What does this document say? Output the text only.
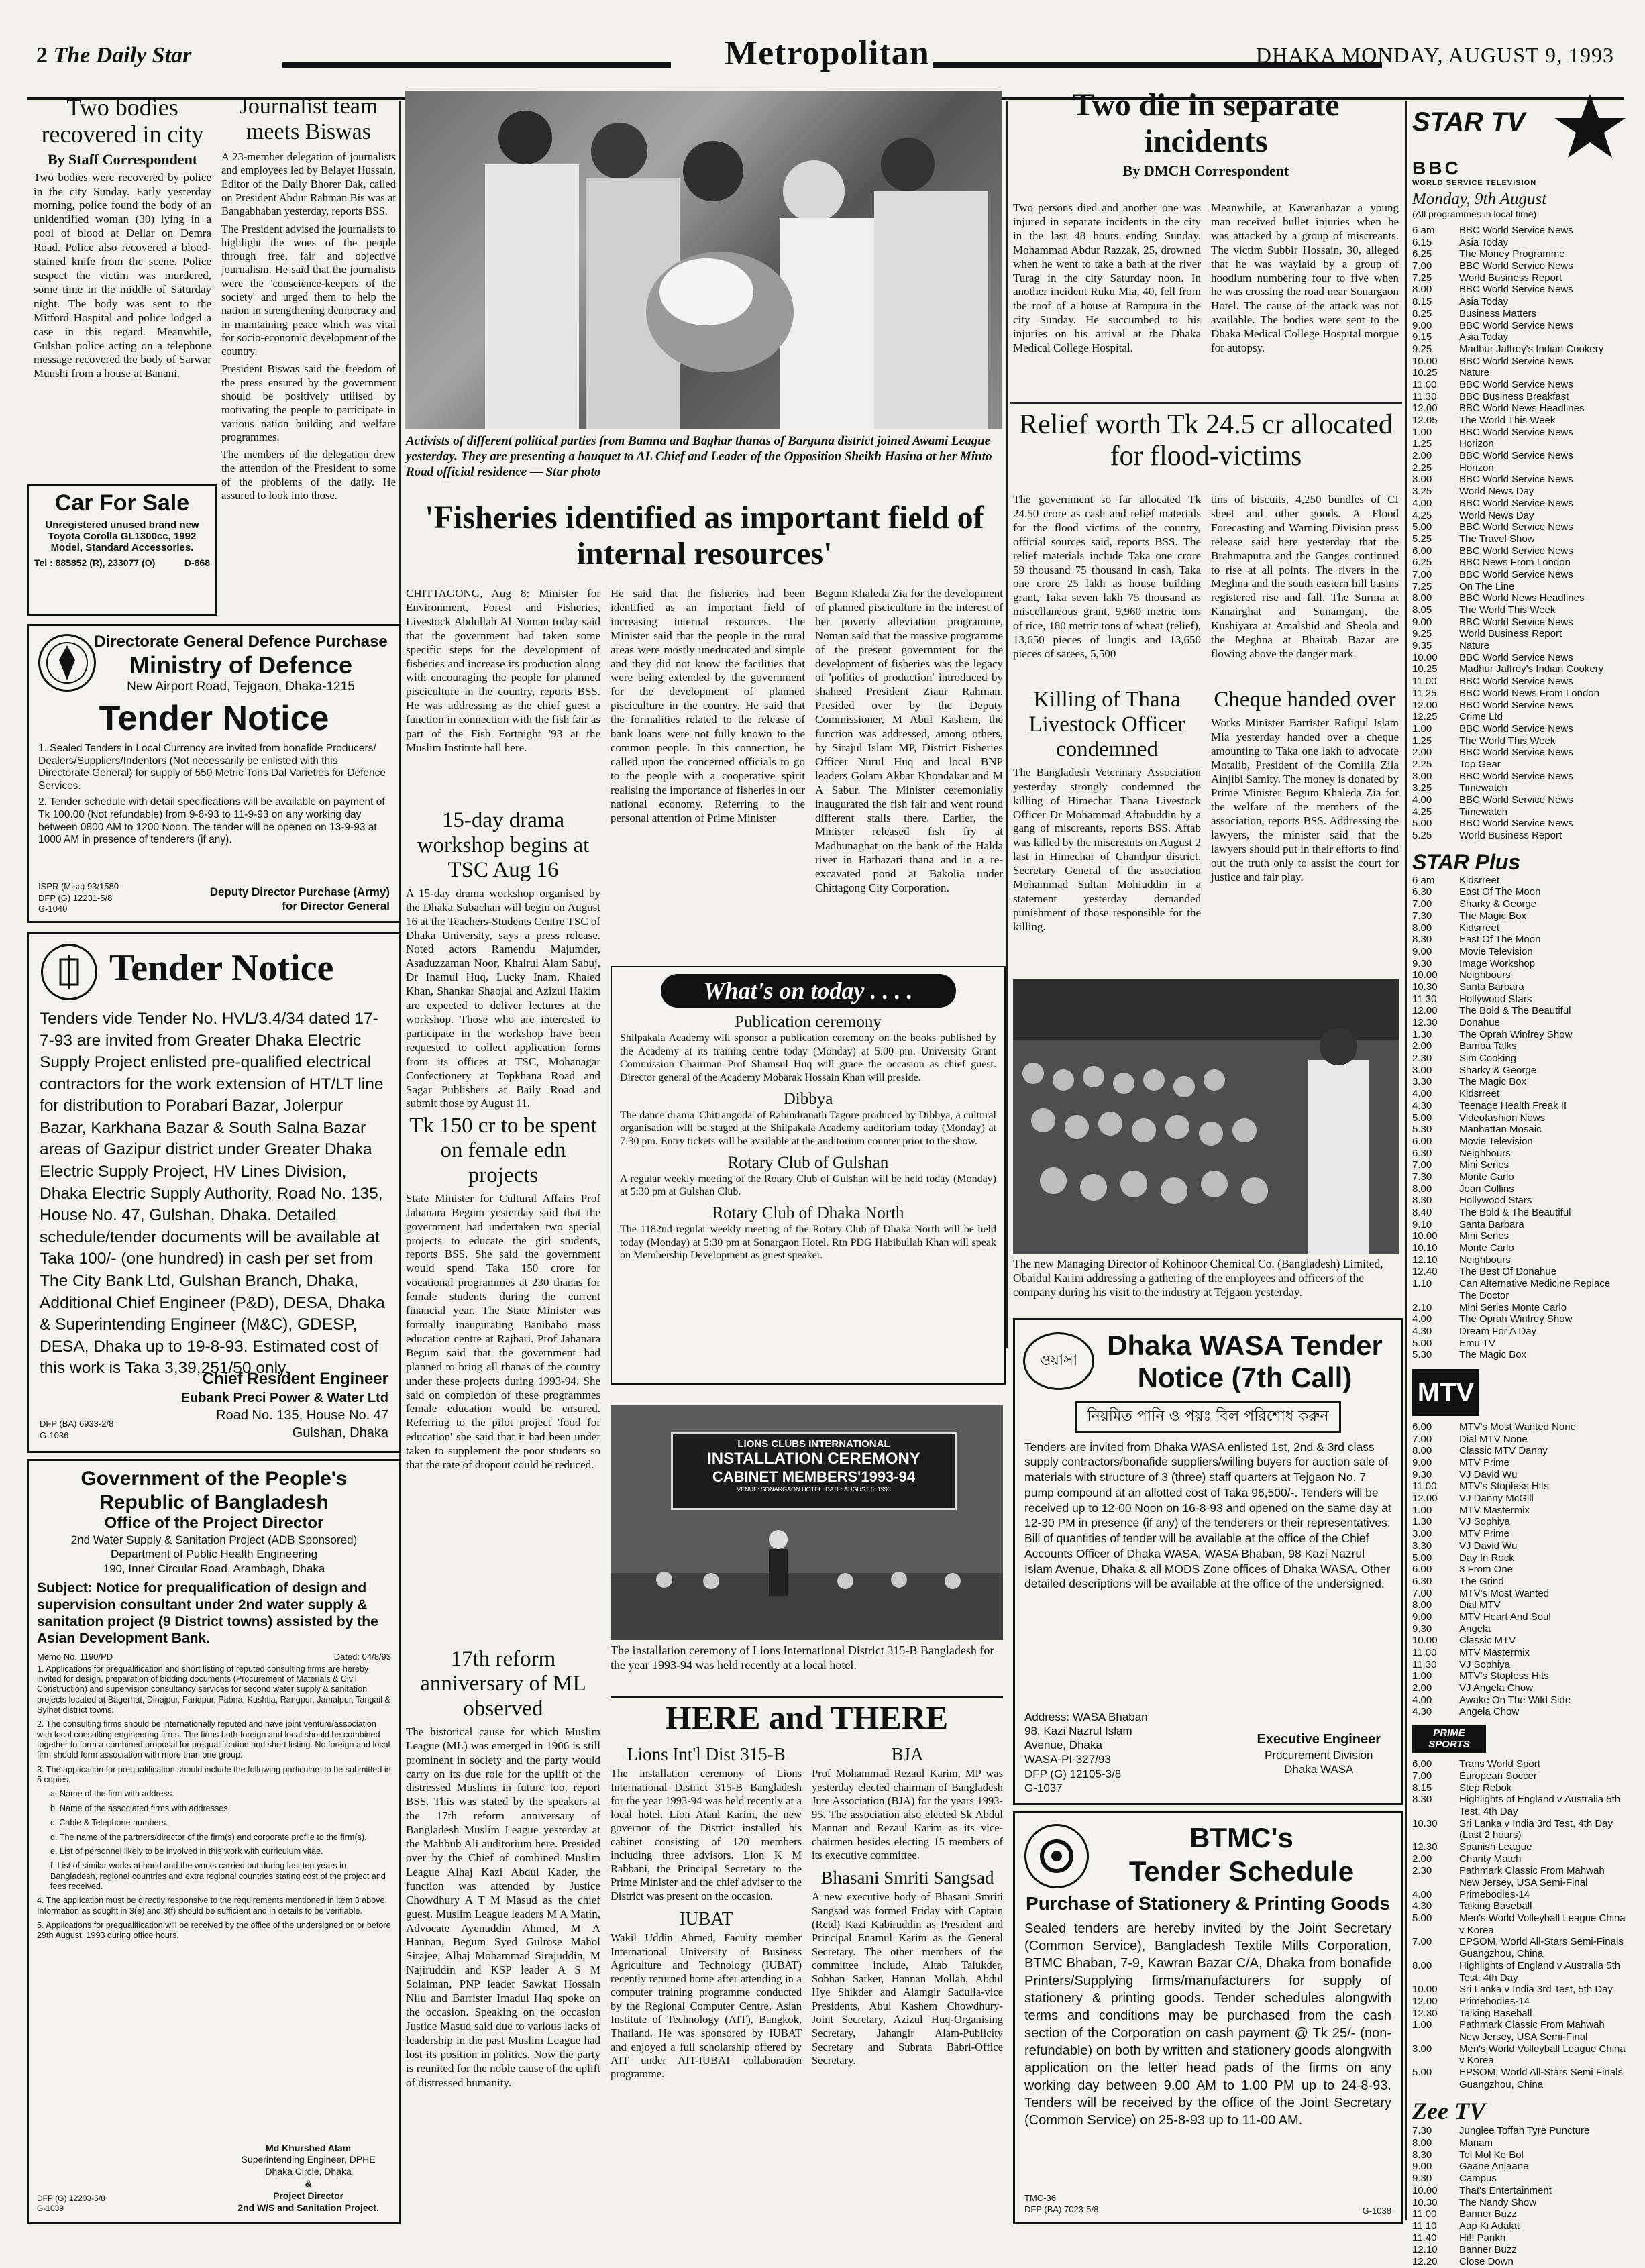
2 The Daily Star	Metropolitan	DHAKA MONDAY, AUGUST 9, 1993
Two bodies recovered in city
By Staff Correspondent
Two bodies were recovered by police in the city Sunday. Early yesterday morning, police found the body of an unidentified woman (30) lying in a pool of blood at Dellar on Demra Road. Police also recovered a blood-stained knife from the scene. Police suspect the victim was murdered, some time in the middle of Saturday night. The body was sent to the Mitford Hospital and police lodged a case in this regard. Meanwhile, Gulshan police acting on a telephone message recovered the body of Sarwar Munshi from a house at Banani.
Journalist team meets Biswas

A 23-member delegation of journalists and employees led by Belayet Hussain, Editor of the Daily Bhorer Dak, called on President Abdur Rahman Bis was at Bangabhaban yesterday, reports BSS.

The President advised the journalists to highlight the woes of the people through free, fair and objective journalism. He said that the journalists were the 'conscience-keepers of the society' and urged them to help the nation in strengthening democracy and in maintaining peace which was vital for socio-economic development of the country.

President Biswas said the freedom of the press ensured by the government should be positively utilised by motivating the people to participate in various nation building and welfare programmes.

The members of the delegation drew the attention of the President to some of the problems of the daily. He assured to look into those.

Car For Sale
Unregistered unused brand new Toyota Corolla GL1300cc, 1992 Model, Standard Accessories.
Tel : 885852 (R), 233077 (O)	D-868
Directorate General Defence Purchase
Ministry of Defence
New Airport Road, Tejgaon, Dhaka-1215
Tender Notice

1. Sealed Tenders in Local Currency are invited from bonafide Producers/ Dealers/Suppliers/Indentors (Not necessarily be enlisted with this Directorate General) for supply of 550 Metric Tons Dal Varieties for Defence Services.

2. Tender schedule with detail specifications will be available on payment of Tk 100.00 (Not refundable) from 9-8-93 to 11-9-93 on any working day between 0800 AM to 1200 Noon. The tender will be opened on 13-9-93 at 1000 AM in presence of tenderers (if any).

ISPR (Misc) 93/1580
DFP (G) 12231-5/8
G-1040
Deputy Director Purchase (Army)
for Director General
Tender Notice
Tenders vide Tender No. HVL/3.4/34 dated 17-7-93 are invited from Greater Dhaka Electric Supply Project enlisted pre-qualified electrical contractors for the work extension of HT/LT line for distribution to Porabari Bazar, Jolerpur Bazar, Karkhana Bazar & South Salna Bazar areas of Gazipur district under Greater Dhaka Electric Supply Project, HV Lines Division, Dhaka Electric Supply Authority, Road No. 135, House No. 47, Gulshan, Dhaka. Detailed schedule/tender documents will be available at Taka 100/- (one hundred) in cash per set from The City Bank Ltd, Gulshan Branch, Dhaka, Additional Chief Engineer (P&D), DESA, Dhaka & Superintending Engineer (M&C), GDESP, DESA, Dhaka up to 19-8-93. Estimated cost of this work is Taka 3,39,251/50 only.
Chief Resident Engineer
Eubank Preci Power & Water Ltd
Road No. 135, House No. 47
Gulshan, Dhaka
DFP (BA) 6933-2/8
G-1036
Government of the People's
Republic of Bangladesh
Office of the Project Director
2nd Water Supply & Sanitation Project (ADB Sponsored)
Department of Public Health Engineering
190, Inner Circular Road, Arambagh, Dhaka
Subject: Notice for prequalification of design and supervision consultant under 2nd water supply & sanitation project (9 District towns) assisted by the Asian Development Bank.
Memo No. 1190/PD	Dated: 04/8/93

1. Applications for prequalification and short listing of reputed consulting firms are hereby invited for design, preparation of bidding documents (Procurement of Materials & Civil Construction) and supervision consultancy services for second water supply & sanitation projects located at Bagerhat, Dinajpur, Faridpur, Pabna, Kushtia, Rangpur, Jamalpur, Tangail & Sylhet district towns.

2. The consulting firms should be internationally reputed and have joint venture/association with local consulting engineering firms. The firms both foreign and local should be combined together to form a combined proposal for prequalification and short listing. No foreign and local firm should form association with more than one group.

3. The application for prequalification should include the following particulars to be submitted in 5 copies.

a. Name of the firm with address.

b. Name of the associated firms with addresses.

c. Cable & Telephone numbers.

d. The name of the partners/director of the firm(s) and corporate profile to the firm(s).

e. List of personnel likely to be involved in this work with curriculum vitae.

f. List of similar works at hand and the works carried out during last ten years in Bangladesh, regional countries and extra regional countries stating cost of the project and fees received.

4. The application must be directly responsive to the requirements mentioned in item 3 above. Information as sought in 3(e) and 3(f) should be sufficient and in details to be verifiable.

5. Applications for prequalification will be received by the office of the undersigned on or before 29th August, 1993 during office hours.

Md Khurshed Alam
Superintending Engineer, DPHE
Dhaka Circle, Dhaka
&
Project Director
2nd W/S and Sanitation Project.
DFP (G) 12203-5/8
G-1039
Activists of different political parties from Bamna and Baghar thanas of Barguna district joined Awami League yesterday. They are presenting a bouquet to AL Chief and Leader of the Opposition Sheikh Hasina at her Minto Road official residence — Star photo
'Fisheries identified as important field of internal resources'
CHITTAGONG, Aug 8: Minister for Environment, Forest and Fisheries, Livestock Abdullah Al Noman today said that the government had taken some specific steps for the development of fisheries and increase its production along with encouraging the people for planned pisciculture in the country, reports BSS. He was addressing as the chief guest a function in connection with the fish fair as part of the Fish Fortnight '93 at the Muslim Institute hall here.
He said that the fisheries had been identified as an important field of increasing internal resources. The Minister said that the people in the rural areas were mostly uneducated and simple and they did not know the facilities that were being extended by the government for the development of planned pisciculture in the country. He said that the formalities related to the release of bank loans were not fully known to the common people. In this connection, he called upon the concerned officials to go to the people with a cooperative spirit realising the importance of fisheries in our national economy. Referring to the personal attention of Prime Minister
Begum Khaleda Zia for the development of planned pisciculture in the interest of her poverty alleviation programme, Noman said that the massive programme of the present government for the development of fisheries was the legacy of 'politics of production' introduced by shaheed President Ziaur Rahman. Presided over by the Deputy Commissioner, M Abul Kashem, the function was addressed, among others, by Sirajul Islam MP, District Fisheries Officer Nurul Huq and local BNP leaders Golam Akbar Khondakar and M A Sabur. The Minister ceremonially inaugurated the fish fair and went round different stalls there. Earlier, the Minister released fish fry at Madhunaghat on the bank of the Halda river in Hathazari thana and in a re-excavated pond at Bakolia under Chittagong City Corporation.
15-day drama workshop begins at TSC Aug 16
A 15-day drama workshop organised by the Dhaka Subachan will begin on August 16 at the Teachers-Students Centre TSC of Dhaka University, says a press release. Noted actors Ramendu Majumder, Asaduzzaman Noor, Khairul Alam Sabuj, Dr Inamul Huq, Lucky Inam, Khaled Khan, Shankar Shaojal and Azizul Hakim are expected to deliver lectures at the workshop. Those who are interested to participate in the workshop have been requested to collect application forms from its offices at TSC, Mohanagar Confectionery at Topkhana Road and Sagar Publishers at Baily Road and submit those by August 11.
Tk 150 cr to be spent on female edn projects
State Minister for Cultural Affairs Prof Jahanara Begum yesterday said that the government had undertaken two special projects to educate the girl students, reports BSS. She said the government would spend Taka 150 crore for vocational programmes at 230 thanas for female students during the current financial year. The State Minister was formally inaugurating Banibaho mass education centre at Rajbari. Prof Jahanara Begum said that the government had planned to bring all thanas of the country under these projects during 1993-94. She said on completion of these programmes female education would be ensured. Referring to the pilot project 'food for education' she said that it had been under taken to supplement the poor students so that the rate of dropout could be reduced.
17th reform anniversary of ML observed
The historical cause for which Muslim League (ML) was emerged in 1906 is still prominent in society and the party would carry on its due role for the uplift of the distressed Muslims in future too, report BSS. This was stated by the speakers at the 17th reform anniversary of Bangladesh Muslim League yesterday at the Mahbub Ali auditorium here. Presided over by the Chief of combined Muslim League Alhaj Kazi Abdul Kader, the function was attended by Justice Chowdhury A T M Masud as the chief guest. Muslim League leaders M A Matin, Advocate Ayenuddin Ahmed, M A Hannan, Begum Syed Gulrose Mahol Sirajee, Alhaj Mohammad Sirajuddin, M Najiruddin and KSP leader A S M Solaiman, PNP leader Sawkat Hossain Nilu and Barrister Imadul Haq spoke on the occasion. Speaking on the occasion Justice Masud said due to various lacks of leadership in the past Muslim League had lost its position in politics. Now the party is reunited for the noble cause of the uplift of distressed humanity.
What's on today . . . .
Publication ceremony
Shilpakala Academy will sponsor a publication ceremony on the books published by the Academy at its training centre today (Monday) at 5:00 pm. University Grant Commission Chairman Prof Shamsul Huq will grace the occasion as chief guest. Director general of the Academy Mobarak Hossain Khan will preside.
Dibbya
The dance drama 'Chitrangoda' of Rabindranath Tagore produced by Dibbya, a cultural organisation will be staged at the Shilpakala Academy auditorium today (Monday) at 7:30 pm. Entry tickets will be available at the auditorium counter prior to the show.
Rotary Club of Gulshan
A regular weekly meeting of the Rotary Club of Gulshan will be held today (Monday) at 5:30 pm at Gulshan Club.
Rotary Club of Dhaka North
The 1182nd regular weekly meeting of the Rotary Club of Dhaka North will be held today (Monday) at 5:30 pm at Sonargaon Hotel. Rtn PDG Habibullah Khan will speak on Membership Development as guest speaker.
LIONS CLUBS INTERNATIONAL
INSTALLATION CEREMONY
CABINET MEMBERS'1993-94
VENUE: SONARGAON HOTEL, DATE: AUGUST 6, 1993
The installation ceremony of Lions International District 315-B Bangladesh for the year 1993-94 was held recently at a local hotel.
HERE and THERE
Lions Int'l Dist 315-B
The installation ceremony of Lions International District 315-B Bangladesh for the year 1993-94 was held recently at a local hotel. Lion Ataul Karim, the new governor of the District installed his cabinet consisting of 120 members including three advisors. Lion K M Rabbani, the Principal Secretary to the Prime Minister and the chief adviser to the District was present on the occasion.
IUBAT
Wakil Uddin Ahmed, Faculty member International University of Business Agriculture and Technology (IUBAT) recently returned home after attending in a computer training programme conducted by the Regional Computer Centre, Asian Institute of Technology (AIT), Bangkok, Thailand. He was sponsored by IUBAT and enjoyed a full scholarship offered by AIT under AIT-IUBAT collaboration programme.
BJA
Prof Mohammad Rezaul Karim, MP was yesterday elected chairman of Bangladesh Jute Association (BJA) for the years 1993-95. The association also elected Sk Abdul Mannan and Rezaul Karim as its vice-chairmen besides electing 15 members of its executive committee.
Bhasani Smriti Sangsad
A new executive body of Bhasani Smriti Sangsad was formed Friday with Captain (Retd) Kazi Kabiruddin as President and Principal Enamul Karim as the General Secretary. The other members of the committee include, Altab Talukder, Sobhan Sarker, Hannan Mollah, Abdul Hye Shikder and Alamgir Sadulla-vice Presidents, Abul Kashem Chowdhury-Joint Secretary, Azizul Huq-Organising Secretary, Jahangir Alam-Publicity Secretary and Subrata Babri-Office Secretary.
Two die in separate incidents
By DMCH Correspondent
Two persons died and another one was injured in separate incidents in the city in the last 48 hours ending Sunday. Mohammad Abdur Razzak, 25, drowned when he went to take a bath at the river Turag in the city Saturday noon. In another incident Ruku Mia, 40, fell from the roof of a house at Rampura in the city Sunday. He succumbed to his injuries on his arrival at the Dhaka Medical College Hospital.
Meanwhile, at Kawranbazar a young man received bullet injuries when he was attacked by a group of miscreants. The victim Subbir Hossain, 30, alleged that he was waylaid by a group of hoodlum numbering four to five when he was crossing the road near Sonargaon Hotel. The cause of the attack was not available. The bodies were sent to the Dhaka Medical College Hospital morgue for autopsy.
Relief worth Tk 24.5 cr allocated for flood-victims
The government so far allocated Tk 24.50 crore as cash and relief materials for the flood victims of the country, official sources said, reports BSS. The relief materials include Taka one crore 59 thousand 75 thousand in cash, Taka one crore 25 lakh as house building grant, Taka seven lakh 75 thousand as miscellaneous grant, 9,960 metric tons of rice, 180 metric tons of wheat (relief), 13,650 pieces of lungis and 13,650 pieces of sarees, 5,500
tins of biscuits, 4,250 bundles of CI sheet and other goods. A Flood Forecasting and Warning Division press release said here yesterday that the Brahmaputra and the Ganges continued to rise at all points. The rivers in the Meghna and the south eastern hill basins registered rise and fall. The Surma at Kanairghat and Sunamganj, the Kushiyara at Amalshid and Sheola and the Meghna at Bhairab Bazar are flowing above the danger mark.
Killing of Thana Livestock Officer condemned
The Bangladesh Veterinary Association yesterday strongly condemned the killing of Himechar Thana Livestock Officer Dr Mohammad Aftabuddin by a gang of miscreants, reports BSS. Aftab was killed by the miscreants on August 2 last in Himechar of Chandpur district. Secretary General of the association Mohammad Sultan Mohiuddin in a statement yesterday demanded punishment of those responsible for the killing.
Cheque handed over
Works Minister Barrister Rafiqul Islam Mia yesterday handed over a cheque amounting to Taka one lakh to advocate Motalib, President of the Comilla Zila Ainjibi Samity. The money is donated by Prime Minister Begum Khaleda Zia for the welfare of the members of the association, reports BSS. Addressing the lawyers, the minister said that the lawyers should put in their efforts to find out the truth only to assist the court for justice and fair play.
The new Managing Director of Kohinoor Chemical Co. (Bangladesh) Limited, Obaidul Karim addressing a gathering of the employees and officers of the company during his visit to the industry at Tejgaon yesterday.
ওয়াসা	Dhaka WASA Tender
Notice (7th Call)
নিয়মিত পানি ও পয়ঃ বিল পরিশোধ করুন
Tenders are invited from Dhaka WASA enlisted 1st, 2nd & 3rd class supply contractors/bonafide suppliers/willing buyers for auction sale of materials with structure of 3 (three) staff quarters at Tejgaon No. 7 pump compound at an allotted cost of Taka 96,500/-. Tenders will be received up to 12-00 Noon on 16-8-93 and opened on the same day at 12-30 PM in presence (if any) of the tenderers or their representatives. Bill of quantities of tender will be available at the office of the Chief Accounts Officer of Dhaka WASA, WASA Bhaban, 98 Kazi Nazrul Islam Avenue, Dhaka & all MODS Zone offices of Dhaka WASA. Other detailed descriptions will be available at the office of the undersigned.
Address: WASA Bhaban
98, Kazi Nazrul Islam
Avenue, Dhaka
WASA-PI-327/93
DFP (G) 12105-3/8
G-1037
Executive Engineer
Procurement Division
Dhaka WASA
BTMC's
Tender Schedule
Purchase of Stationery & Printing Goods
Sealed tenders are hereby invited by the Joint Secretary (Common Service), Bangladesh Textile Mills Corporation, BTMC Bhaban, 7-9, Kawran Bazar C/A, Dhaka from bonafide Printers/Supplying firms/manufacturers for supply of stationery & printing goods. Tender schedules alongwith terms and conditions may be purchased from the cash section of the Corporation on cash payment @ Tk 25/- (non-refundable) on both by written and stationery goods alongwith application on the letter head pads of the firms on any working day between 9.00 AM to 1.00 PM up to 24-8-93. Tenders will be received by the office of the Joint Secretary (Common Service) on 25-8-93 up to 11-00 AM.
TMC-36
DFP (BA) 7023-5/8	G-1038
STAR TV
BBC
WORLD SERVICE TELEVISION
Monday, 9th August
(All programmes in local time)
6 am	BBC World Service News
6.15	Asia Today
6.25	The Money Programme
7.00	BBC World Service News
7.25	World Business Report
8.00	BBC World Service News
8.15	Asia Today
8.25	Business Matters
9.00	BBC World Service News
9.15	Asia Today
9.25	Madhur Jaffrey's Indian Cookery
10.00	BBC World Service News
10.25	Nature
11.00	BBC World Service News
11.30	BBC Business Breakfast
12.00	BBC World News Headlines
12.05	The World This Week
1.00	BBC World Service News
1.25	Horizon
2.00	BBC World Service News
2.25	Horizon
3.00	BBC World Service News
3.25	World News Day
4.00	BBC World Service News
4.25	World News Day
5.00	BBC World Service News
5.25	The Travel Show
6.00	BBC World Service News
6.25	BBC News From London
7.00	BBC World Service News
7.25	On The Line
8.00	BBC World News Headlines
8.05	The World This Week
9.00	BBC World Service News
9.25	World Business Report
9.35	Nature
10.00	BBC World Service News
10.25	Madhur Jaffrey's Indian Cookery
11.00	BBC World Service News
11.25	BBC World News From London
12.00	BBC World Service News
12.25	Crime Ltd
1.00	BBC World Service News
1.25	The World This Week
2.00	BBC World Service News
2.25	Top Gear
3.00	BBC World Service News
3.25	Timewatch
4.00	BBC World Service News
4.25	Timewatch
5.00	BBC World Service News
5.25	World Business Report
STAR Plus
6 am	Kidsrreet
6.30	East Of The Moon
7.00	Sharky & George
7.30	The Magic Box
8.00	Kidsrreet
8.30	East Of The Moon
9.00	Movie Television
9.30	Image Workshop
10.00	Neighbours
10.30	Santa Barbara
11.30	Hollywood Stars
12.00	The Bold & The Beautiful
12.30	Donahue
1.30	The Oprah Winfrey Show
2.00	Bamba Talks
2.30	Sim Cooking
3.00	Sharky & George
3.30	The Magic Box
4.00	Kidsrreet
4.30	Teenage Health Freak II
5.00	Videofashion News
5.30	Manhattan Mosaic
6.00	Movie Television
6.30	Neighbours
7.00	Mini Series
7.30	Monte Carlo
8.00	Joan Collins
8.30	Hollywood Stars
8.40	The Bold & The Beautiful
9.10	Santa Barbara
10.00	Mini Series
10.10	Monte Carlo
12.10	Neighbours
12.40	The Best Of Donahue
1.10	Can Alternative Medicine Replace The Doctor
2.10	Mini Series Monte Carlo
4.00	The Oprah Winfrey Show
4.30	Dream For A Day
5.00	Emu TV
5.30	The Magic Box
MTV
6.00	MTV's Most Wanted None
7.00	Dial MTV None
8.00	Classic MTV Danny
9.00	MTV Prime
9.30	VJ David Wu
11.00	MTV's Stopless Hits
12.00	VJ Danny McGill
1.00	MTV Mastermix
1.30	VJ Sophiya
3.00	MTV Prime
3.30	VJ David Wu
5.00	Day In Rock
6.00	3 From One
6.30	The Grind
7.00	MTV's Most Wanted
8.00	Dial MTV
9.00	MTV Heart And Soul
9.30	Angela
10.00	Classic MTV
11.00	MTV Mastermix
11.30	VJ Sophiya
1.00	MTV's Stopless Hits
2.00	VJ Angela Chow
4.00	Awake On The Wild Side
4.30	Angela Chow
PRIME SPORTS
6.00	Trans World Sport
7.00	European Soccer
8.15	Step Rebok
8.30	Highlights of England v Australia 5th Test, 4th Day
10.30	Sri Lanka v India 3rd Test, 4th Day (Last 2 hours)
12.30	Spanish League
2.00	Charity Match
2.30	Pathmark Classic From Mahwah New Jersey, USA Semi-Final
4.00	Primebodies-14
4.30	Talking Baseball
5.00	Men's World Volleyball League China v Korea
7.00	EPSOM, World All-Stars Semi-Finals Guangzhou, China
8.00	Highlights of England v Australia 5th Test, 4th Day
10.00	Sri Lanka v India 3rd Test, 5th Day
12.00	Primebodies-14
12.30	Talking Baseball
1.00	Pathmark Classic From Mahwah New Jersey, USA Semi-Final
3.00	Men's World Volleyball League China v Korea
5.00	EPSOM, World All-Stars Semi Finals Guangzhou, China
Zee TV
7.30	Junglee Toffan Tyre Puncture
8.00	Manam
8.30	Tol Mol Ke Bol
9.00	Gaane Anjaane
9.30	Campus
10.00	That's Entertainment
10.30	The Nandy Show
11.00	Banner Buzz
11.10	Aap Ki Adalat
11.40	Hi!! Parikh
12.10	Banner Buzz
12.20	Close Down
